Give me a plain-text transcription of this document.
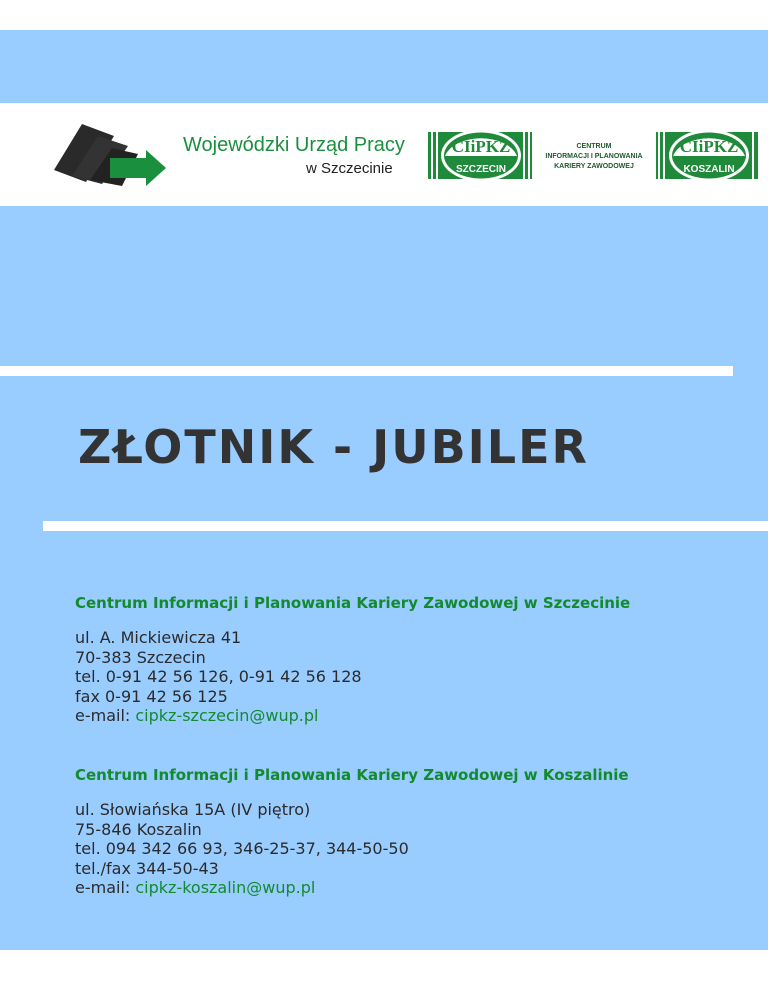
Wojewódzki Urząd Pracy
w Szczecinie
CIiPKZ
SZCZECIN
CIiPKZ
KOSZALIN
CENTRUM
INFORMACJI I PLANOWANIA
KARIERY ZAWODOWEJ
ZŁOTNIK - JUBILER
Centrum Informacji i Planowania Kariery Zawodowej w Szczecinie
ul. A. Mickiewicza 41
70-383 Szczecin
tel. 0-91 42 56 126, 0-91 42 56 128
fax 0-91 42 56 125
e-mail: cipkz-szczecin@wup.pl
Centrum Informacji i Planowania Kariery Zawodowej w Koszalinie
ul. Słowiańska 15A (IV piętro)
75-846 Koszalin
tel. 094 342 66 93, 346-25-37, 344-50-50
tel./fax 344-50-43
e-mail: cipkz-koszalin@wup.pl
